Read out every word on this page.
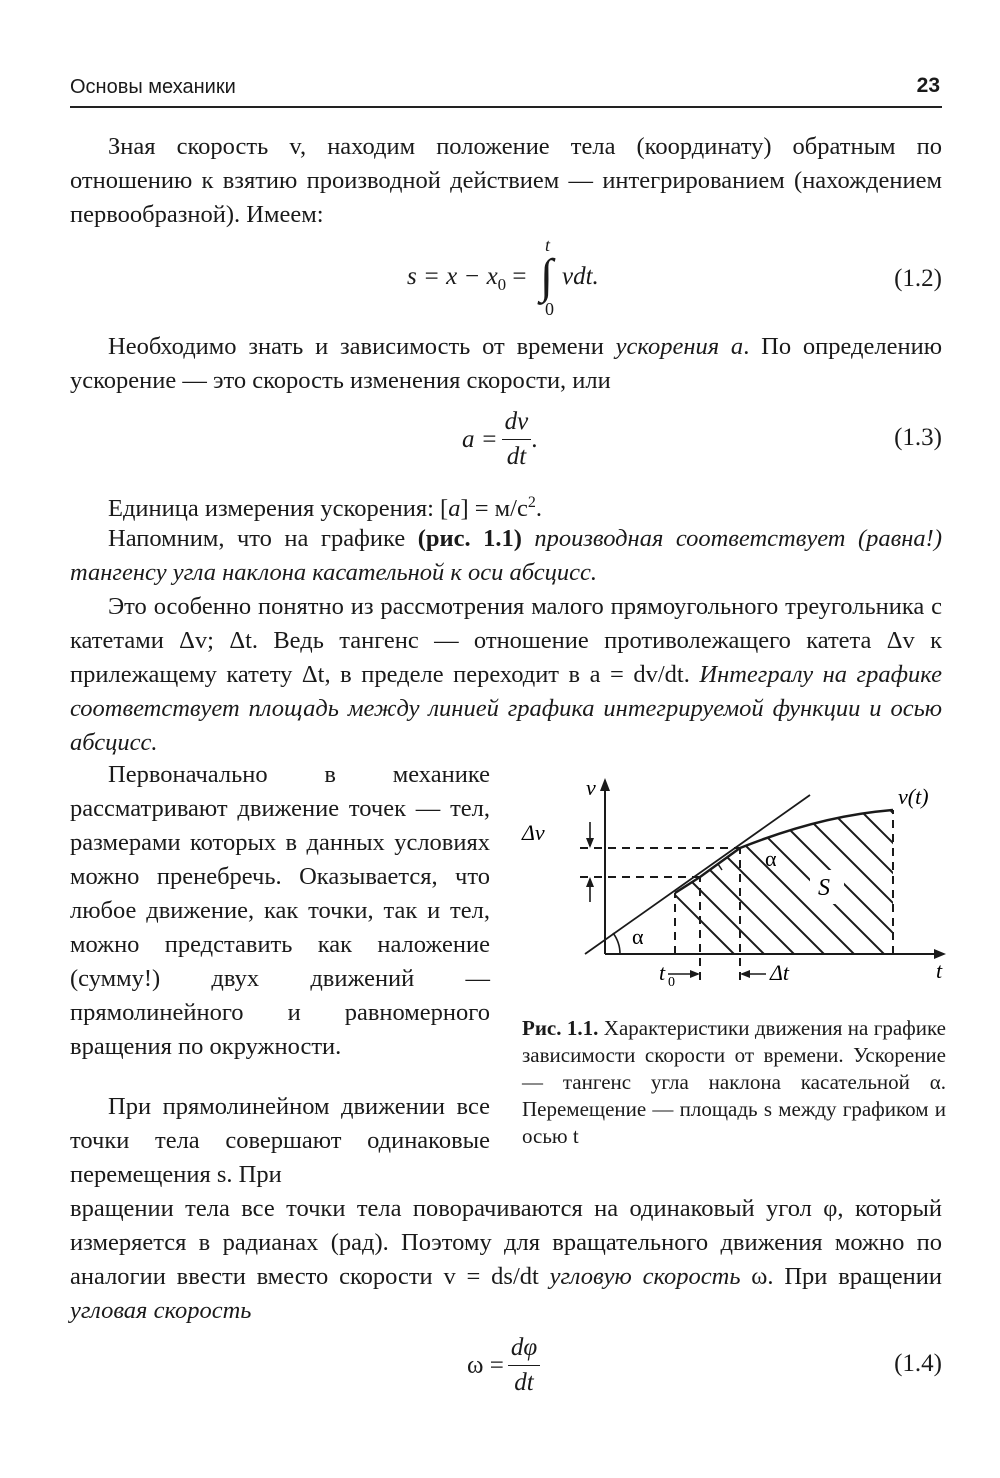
Основы механики	23
Зная скорость v, находим положение тела (координату) обратным по отношению к взятию производной действием — интегрированием (нахождением первообразной). Имеем:
$s = x - x_0$ =
t
∫
0
vdt.	(1.2)
Необходимо знать и зависимость от времени ускорения a. По определению ускорение — это скорость изменения скорости, или
$a = \frac{dv}{dt}$ .	(1.3)
Единица измерения ускорения: $[a] = м/с^2$.
Напомним, что на графике (рис. 1.1) производная соответствует (равна!) тангенсу угла наклона касательной к оси абсцисс.
Это особенно понятно из рассмотрения малого прямоугольного треугольника с катетами Δv; Δt. Ведь тангенс — отношение противолежащего катета Δv к прилежащему катету Δt, в пределе переходит в a = dv/dt. Интегралу на графике соответствует площадь между линией графика интегрируемой функции и осью абсцисс.
Первоначально в механике рассматривают движение точек — тел, размерами которых в данных условиях можно пренебречь. Оказывается, что любое движение, как точки, так и тел, можно представить как наложение (сумму!) двух движений — прямолинейного и равномерного вращения по окружности.
При прямолинейном движении все точки тела совершают одинаковые перемещения s. При
вращении тела все точки тела поворачиваются на одинаковый угол φ, который измеряется в радианах (рад). Поэтому для вращательного движения можно по аналогии ввести вместо скорости v = ds/dt угловую скорость ω. При вращении угловая скорость
$\omega = \frac{d\varphi}{dt}$	(1.4)
v
t
v(t)
Δv
Δt
t 0
α
α
S
Рис. 1.1. Характеристики движения на графике зависимости скорости от времени. Ускорение — тангенс угла наклона касательной α. Перемещение — площадь s между графиком и осью t
